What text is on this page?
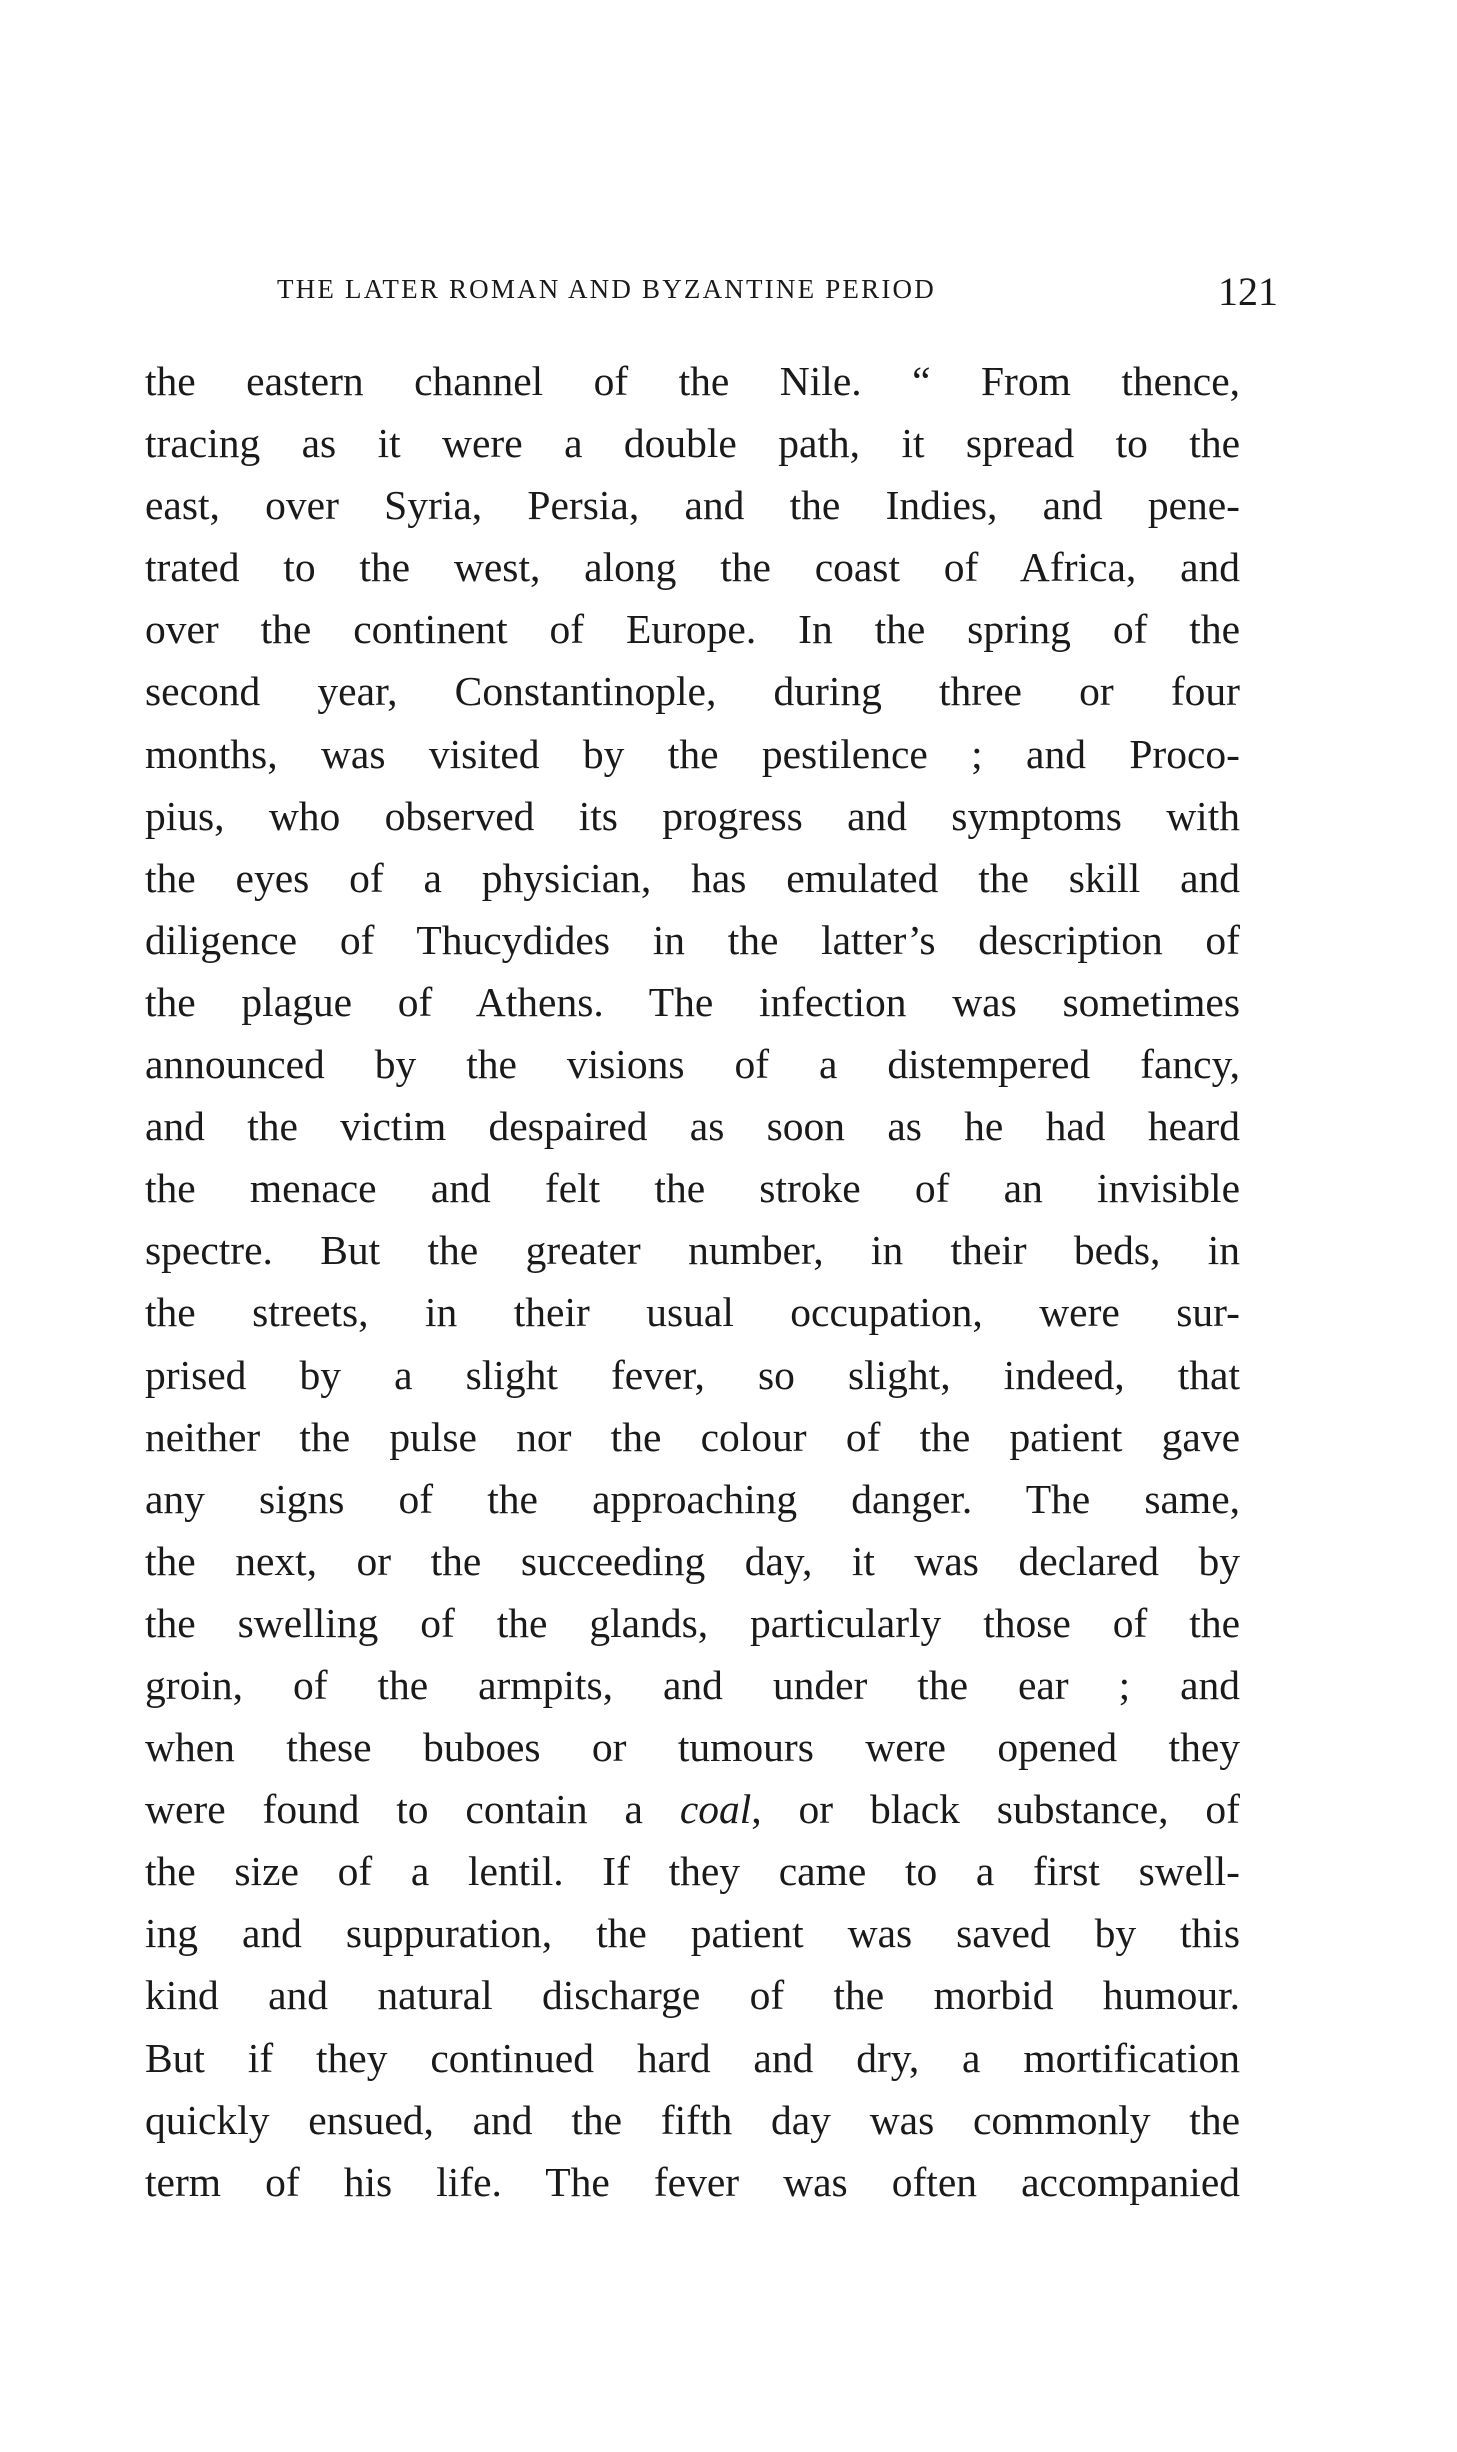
THE LATER ROMAN AND BYZANTINE PERIOD	121
the eastern channel of the Nile. “ From thence,
tracing as it were a double path, it spread to the
east, over Syria, Persia, and the Indies, and pene-
trated to the west, along the coast of Africa, and
over the continent of Europe. In the spring of the
second year, Constantinople, during three or four
months, was visited by the pestilence ; and Proco-
pius, who observed its progress and symptoms with
the eyes of a physician, has emulated the skill and
diligence of Thucydides in the latter’s description of
the plague of Athens. The infection was sometimes
announced by the visions of a distempered fancy,
and the victim despaired as soon as he had heard
the menace and felt the stroke of an invisible
spectre. But the greater number, in their beds, in
the streets, in their usual occupation, were sur-
prised by a slight fever, so slight, indeed, that
neither the pulse nor the colour of the patient gave
any signs of the approaching danger. The same,
the next, or the succeeding day, it was declared by
the swelling of the glands, particularly those of the
groin, of the armpits, and under the ear ; and
when these buboes or tumours were opened they
were found to contain a coal, or black substance, of
the size of a lentil. If they came to a first swell-
ing and suppuration, the patient was saved by this
kind and natural discharge of the morbid humour.
But if they continued hard and dry, a mortification
quickly ensued, and the fifth day was commonly the
term of his life. The fever was often accompanied
